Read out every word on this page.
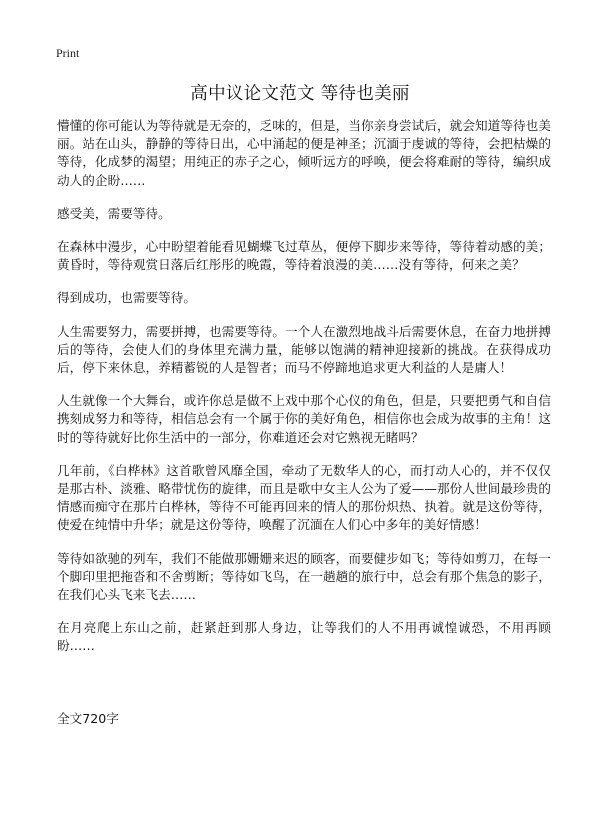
Print
高中议论文范文 等待也美丽

懵懂的你可能认为等待就是无奈的，乏味的，但是，当你亲身尝试后，就会知道等待也美丽。站在山头，静静的等待日出，心中涌起的便是神圣；沉湎于虔诚的等待，会把枯燥的等待，化成梦的渴望；用纯正的赤子之心，倾听远方的呼唤，便会将难耐的等待，编织成动人的企盼……

感受美，需要等待。

在森林中漫步，心中盼望着能看见蝴蝶飞过草丛，便停下脚步来等待，等待着动感的美；黄昏时，等待观赏日落后红彤彤的晚霞，等待着浪漫的美……没有等待，何来之美？

得到成功，也需要等待。

人生需要努力，需要拼搏，也需要等待。一个人在激烈地战斗后需要休息，在奋力地拼搏后的等待，会使人们的身体里充满力量，能够以饱满的精神迎接新的挑战。在获得成功后，停下来休息，养精蓄锐的人是智者；而马不停蹄地追求更大利益的人是庸人！

人生就像一个大舞台，或许你总是做不上戏中那个心仪的角色，但是，只要把勇气和自信携刻成努力和等待，相信总会有一个属于你的美好角色，相信你也会成为故事的主角！这时的等待就好比你生活中的一部分，你难道还会对它熟视无睹吗？

几年前，《白桦林》这首歌曾风靡全国，牵动了无数华人的心，而打动人心的，并不仅仅是那古朴、淡雅、略带忧伤的旋律，而且是歌中女主人公为了爱——那份人世间最珍贵的情感而痴守在那片白桦林，等待不可能再回来的情人的那份炽热、执着。就是这份等待，使爱在纯情中升华；就是这份等待，唤醒了沉湎在人们心中多年的美好情感！

等待如欲驰的列车，我们不能做那姗姗来迟的顾客，而要健步如飞；等待如剪刀，在每一个脚印里把拖沓和不舍剪断；等待如飞鸟，在一趟趟的旅行中，总会有那个焦急的影子，在我们心头飞来飞去……

在月亮爬上东山之前，赶紧赶到那人身边，让等我们的人不用再诚惶诚恐，不用再顾盼……

全文720字
